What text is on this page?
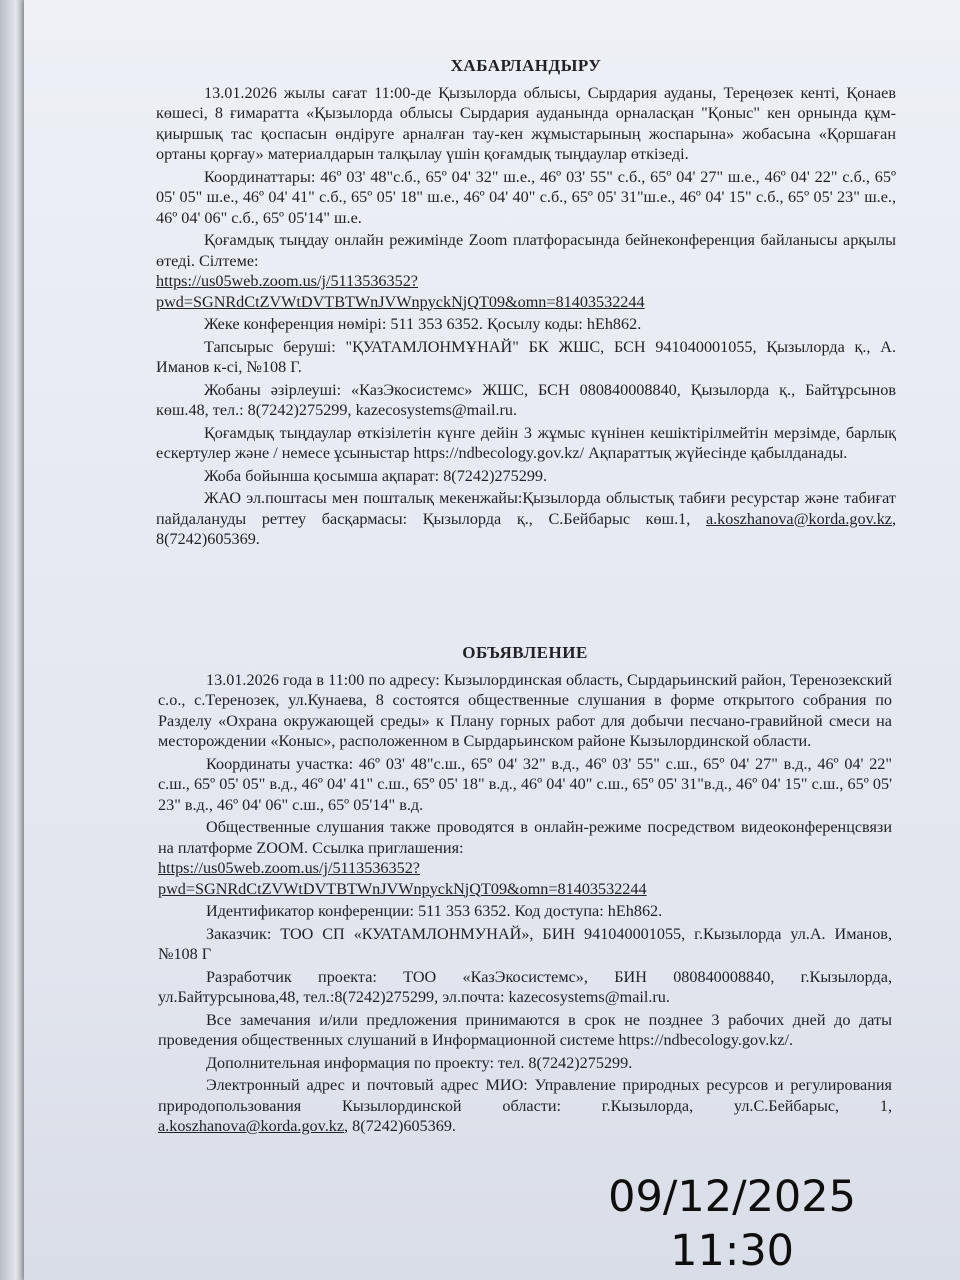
ХАБАРЛАНДЫРУ

13.01.2026 жылы сағат 11:00-де Қызылорда облысы, Сырдария ауданы, Тереңөзек кенті, Қонаев көшесі, 8 ғимаратта «Қызылорда облысы Сырдария ауданында орналасқан "Қоныс" кен орнында құм-қиыршық тас қоспасын өндіруге арналған тау-кен жұмыстарының жоспарына» жобасына «Қоршаған ортаны қорғау» материалдарын талқылау үшін қоғамдық тыңдаулар өткізеді.

Координаттары: 46º 03' 48"с.б., 65º 04' 32" ш.е., 46º 03' 55" с.б., 65º 04' 27" ш.е., 46º 04' 22" с.б., 65º 05' 05" ш.е., 46º 04' 41" с.б., 65º 05' 18" ш.е., 46º 04' 40" с.б., 65º 05' 31"ш.е., 46º 04' 15" с.б., 65º 05' 23" ш.е., 46º 04' 06" с.б., 65º 05'14" ш.е.

Қоғамдық тыңдау онлайн режимінде Zoom платфорасында бейнеконференция байланысы арқылы өтеді. Сілтеме:
https://us05web.zoom.us/j/5113536352?pwd=SGNRdCtZVWtDVTBTWnJVWnpyckNjQT09&omn=81403532244

Жеке конференция нөмірі: 511 353 6352. Қосылу коды: hEh862.

Тапсырыс беруші: "ҚУАТАМЛОНМҰНАЙ" БК ЖШС, БСН 941040001055, Қызылорда қ., А. Иманов к-сі, №108 Г.

Жобаны әзірлеуші: «КазЭкосистемс» ЖШС, БСН 080840008840, Қызылорда қ., Байтұрсынов көш.48, тел.: 8(7242)275299, kazecosystems@mail.ru.

Қоғамдық тыңдаулар өткізілетін күнге дейін 3 жұмыс күнінен кешіктірілмейтін мерзімде, барлық ескертулер және / немесе ұсыныстар https://ndbecology.gov.kz/ Ақпараттық жүйесінде қабылданады.

Жоба бойынша қосымша ақпарат: 8(7242)275299.

ЖАО эл.поштасы мен пошталық мекенжайы:Қызылорда облыстық табиғи ресурстар және табиғат пайдалануды реттеу басқармасы: Қызылорда қ., С.Бейбарыс көш.1, a.koszhanova@korda.gov.kz, 8(7242)605369.

ОБЪЯВЛЕНИЕ

13.01.2026 года в 11:00 по адресу: Кызылординская область, Сырдарьинский район, Теренозекский с.о., с.Теренозек, ул.Кунаева, 8 состоятся общественные слушания в форме открытого собрания по Разделу «Охрана окружающей среды» к Плану горных работ для добычи песчано-гравийной смеси на месторождении «Коныс», расположенном в Сырдарьинском районе Кызылординской области.

Координаты участка: 46º 03' 48"с.ш., 65º 04' 32" в.д., 46º 03' 55" с.ш., 65º 04' 27" в.д., 46º 04' 22" с.ш., 65º 05' 05" в.д., 46º 04' 41" с.ш., 65º 05' 18" в.д., 46º 04' 40" с.ш., 65º 05' 31"в.д., 46º 04' 15" с.ш., 65º 05' 23" в.д., 46º 04' 06" с.ш., 65º 05'14" в.д.

Общественные слушания также проводятся в онлайн-режиме посредством видеоконференцсвязи на платформе ZOOM. Ссылка приглашения:
https://us05web.zoom.us/j/5113536352?pwd=SGNRdCtZVWtDVTBTWnJVWnpyckNjQT09&omn=81403532244

Идентификатор конференции: 511 353 6352. Код доступа: hEh862.

Заказчик: ТОО СП «КУАТАМЛОНМУНАЙ», БИН 941040001055, г.Кызылорда ул.А. Иманов, №108 Г

Разработчик проекта: ТОО «КазЭкосистемс», БИН 080840008840, г.Кызылорда, ул.Байтурсынова,48, тел.:8(7242)275299, эл.почта: kazecosystems@mail.ru.

Все замечания и/или предложения принимаются в срок не позднее 3 рабочих дней до даты проведения общественных слушаний в Информационной системе https://ndbecology.gov.kz/.

Дополнительная информация по проекту: тел. 8(7242)275299.

Электронный адрес и почтовый адрес МИО: Управление природных ресурсов и регулирования природопользования Кызылординской области: г.Кызылорда, ул.С.Бейбарыс, 1, a.koszhanova@korda.gov.kz, 8(7242)605369.

09/12/2025
11:30
